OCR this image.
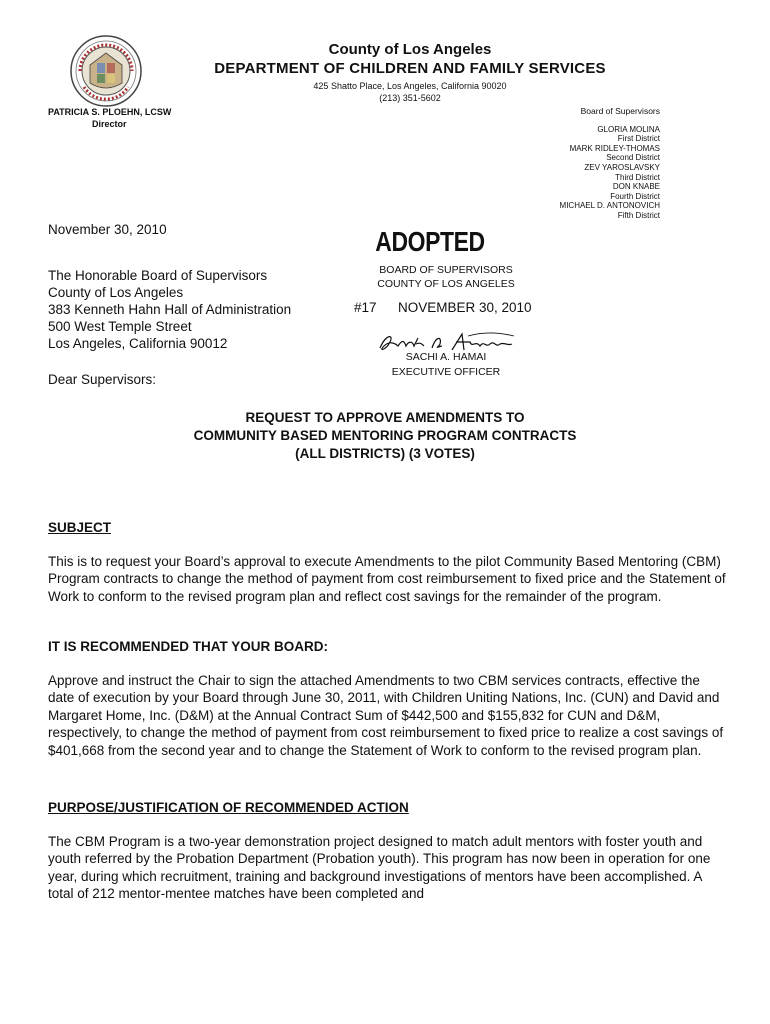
County of Los Angeles
DEPARTMENT OF CHILDREN AND FAMILY SERVICES
425 Shatto Place, Los Angeles, California 90020
(213) 351-5602
PATRICIA S. PLOEHN, LCSW
Director
Board of Supervisors
GLORIA MOLINA
First District
MARK RIDLEY-THOMAS
Second District
ZEV YAROSLAVSKY
Third District
DON KNABE
Fourth District
MICHAEL D. ANTONOVICH
Fifth District
November 30, 2010
The Honorable Board of Supervisors
County of Los Angeles
383 Kenneth Hahn Hall of Administration
500 West Temple Street
Los Angeles, California 90012
Dear Supervisors:
ADOPTED
BOARD OF SUPERVISORS
COUNTY OF LOS ANGELES
#17 NOVEMBER 30, 2010
SACHI A. HAMAI
EXECUTIVE OFFICER
REQUEST TO APPROVE AMENDMENTS TO
COMMUNITY BASED MENTORING PROGRAM CONTRACTS
(ALL DISTRICTS) (3 VOTES)
SUBJECT
This is to request your Board’s approval to execute Amendments to the pilot Community Based Mentoring (CBM) Program contracts to change the method of payment from cost reimbursement to fixed price and the Statement of Work to conform to the revised program plan and reflect cost savings for the remainder of the program.
IT IS RECOMMENDED THAT YOUR BOARD:
Approve and instruct the Chair to sign the attached Amendments to two CBM services contracts, effective the date of execution by your Board through June 30, 2011, with Children Uniting Nations, Inc. (CUN) and David and Margaret Home, Inc. (D&M) at the Annual Contract Sum of $442,500 and $155,832 for CUN and D&M, respectively, to change the method of payment from cost reimbursement to fixed price to realize a cost savings of $401,668 from the second year and to change the Statement of Work to conform to the revised program plan.
PURPOSE/JUSTIFICATION OF RECOMMENDED ACTION
The CBM Program is a two-year demonstration project designed to match adult mentors with foster youth and youth referred by the Probation Department (Probation youth). This program has now been in operation for one year, during which recruitment, training and background investigations of mentors have been accomplished. A total of 212 mentor-mentee matches have been completed and
